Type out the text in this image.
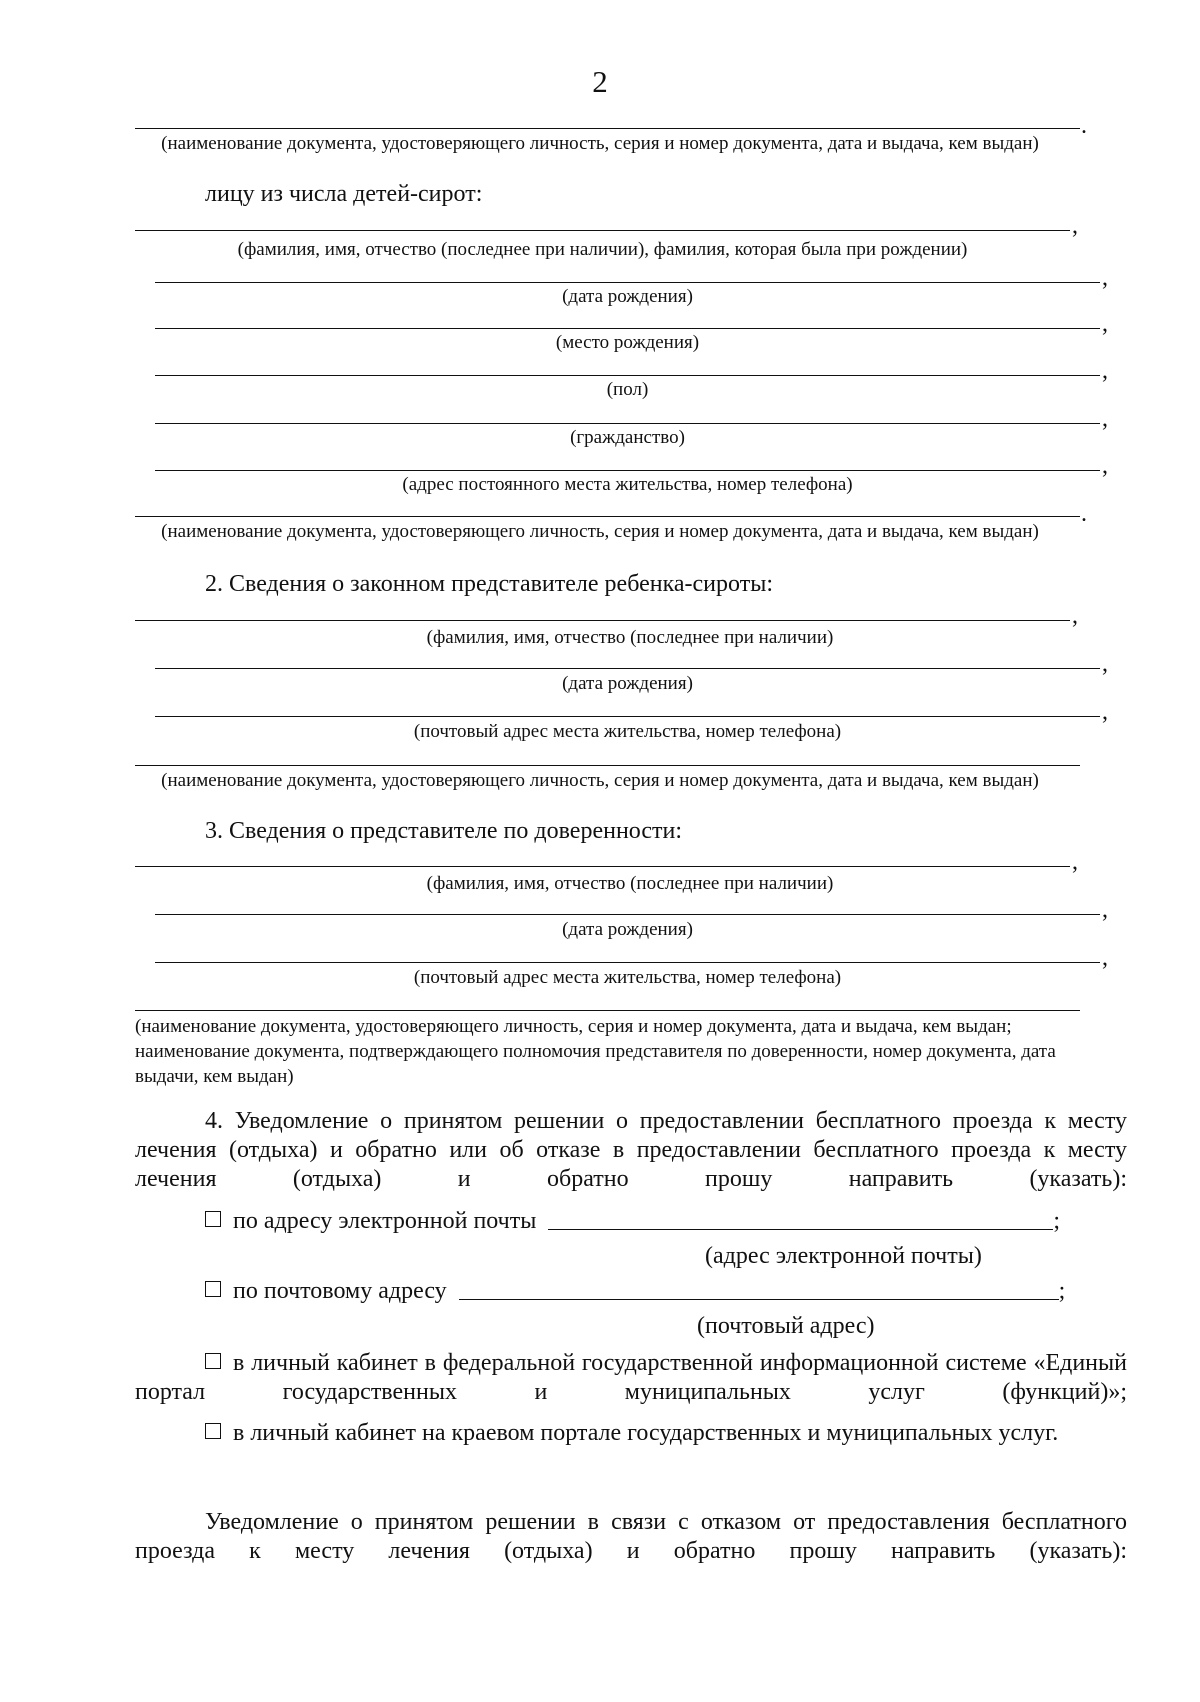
2
.
(наименование документа, удостоверяющего личность, серия и номер документа, дата и выдача, кем выдан)
лицу из числа детей-сирот:
,
(фамилия, имя, отчество (последнее при наличии), фамилия, которая была при рождении)
,
(дата рождения)
,
(место рождения)
,
(пол)
,
(гражданство)
,
(адрес постоянного места жительства, номер телефона)
.
(наименование документа, удостоверяющего личность, серия и номер документа, дата и выдача, кем выдан)
2. Сведения о законном представителе ребенка-сироты:
,
(фамилия, имя, отчество (последнее при наличии)
,
(дата рождения)
,
(почтовый адрес места жительства, номер телефона)
(наименование документа, удостоверяющего личность, серия и номер документа, дата и выдача, кем выдан)
3. Сведения о представителе по доверенности:
,
(фамилия, имя, отчество (последнее при наличии)
,
(дата рождения)
,
(почтовый адрес места жительства, номер телефона)
(наименование документа, удостоверяющего личность, серия и номер документа, дата и выдача, кем выдан; наименование документа, подтверждающего полномочия представителя по доверенности, номер документа, дата выдачи, кем выдан)
4. Уведомление о принятом решении о предоставлении бесплатного проезда к месту лечения (отдыха) и обратно или об отказе в предоставлении бесплатного проезда к месту лечения (отдыха) и обратно прошу направить (указать):
по адресу электронной почты	;
(адрес электронной почты)
по почтовому адресу	;
(почтовый адрес)
в личный кабинет в федеральной государственной информационной системе «Единый портал государственных и муниципальных услуг (функций)»;
в личный кабинет на краевом портале государственных и муниципальных услуг.
Уведомление о принятом решении в связи с отказом от предоставления бесплатного проезда к месту лечения (отдыха) и обратно прошу направить (указать):
